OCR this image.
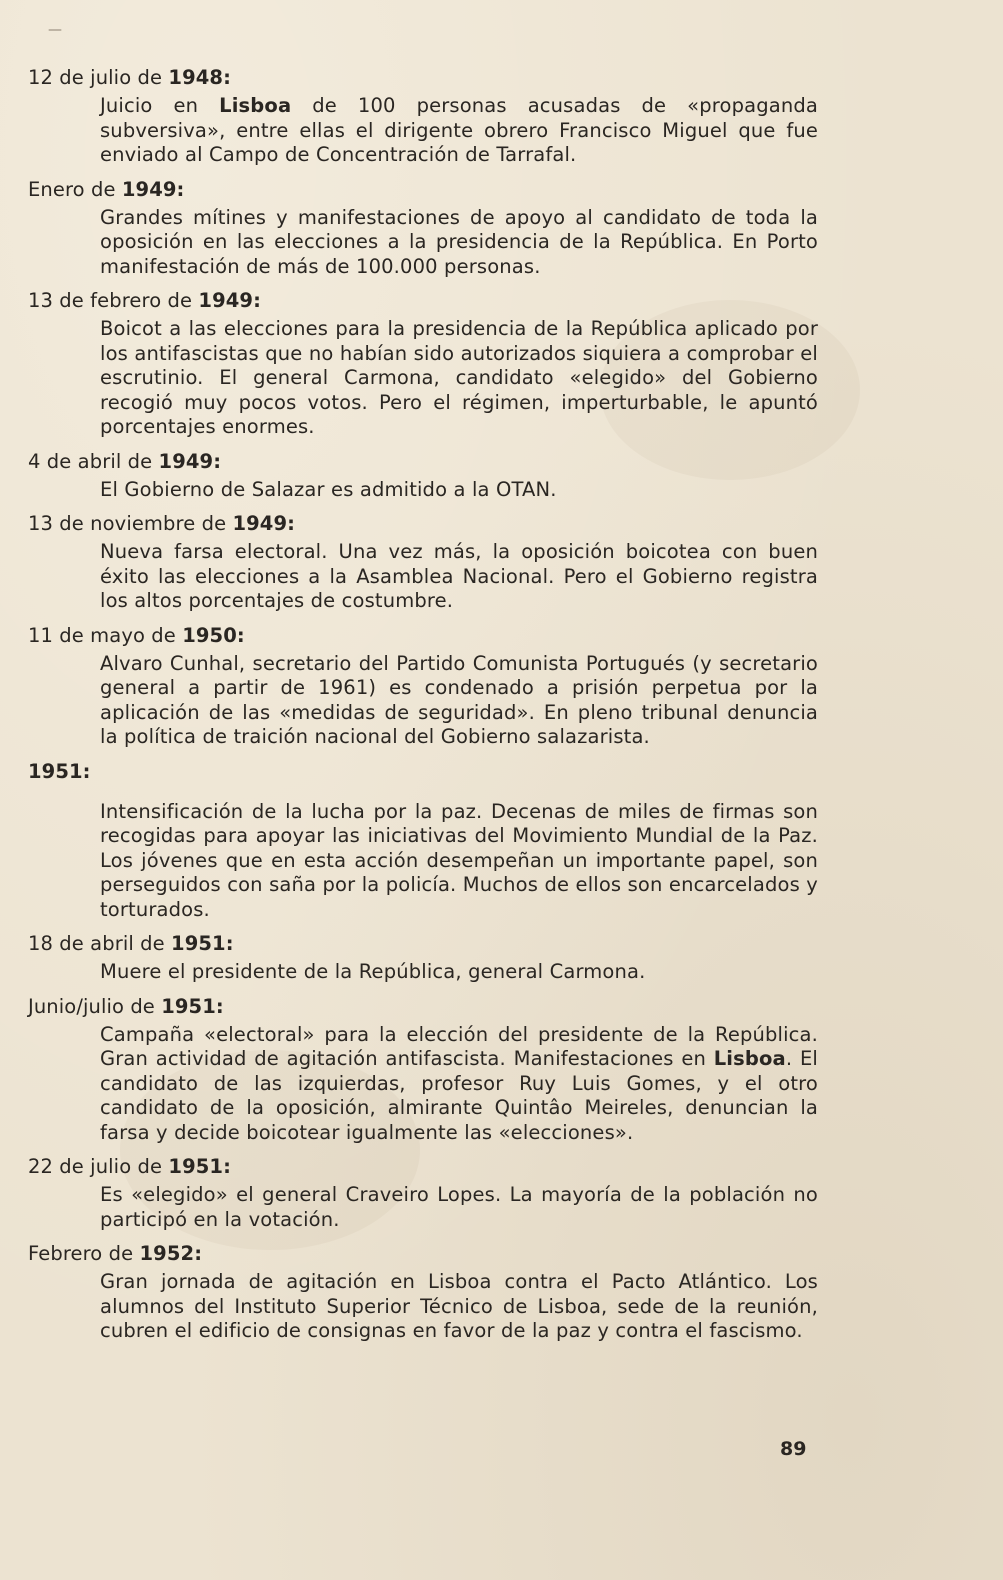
—
12 de julio de 1948:
Juicio en Lisboa de 100 personas acusadas de «propaganda subversiva», entre ellas el dirigente obrero Francisco Miguel que fue enviado al Campo de Concentración de Tarrafal.
Enero de 1949:
Grandes mítines y manifestaciones de apoyo al candidato de toda la oposición en las elecciones a la presidencia de la República. En Porto manifestación de más de 100.000 personas.
13 de febrero de 1949:
Boicot a las elecciones para la presidencia de la República aplicado por los antifascistas que no habían sido autorizados siquiera a comprobar el escrutinio. El general Carmona, candidato «elegido» del Gobierno recogió muy pocos votos. Pero el régimen, imperturbable, le apuntó porcentajes enormes.
4 de abril de 1949:
El Gobierno de Salazar es admitido a la OTAN.
13 de noviembre de 1949:
Nueva farsa electoral. Una vez más, la oposición boicotea con buen éxito las elecciones a la Asamblea Nacional. Pero el Gobierno registra los altos porcentajes de costumbre.
11 de mayo de 1950:
Alvaro Cunhal, secretario del Partido Comunista Portugués (y secretario general a partir de 1961) es condenado a prisión perpetua por la aplicación de las «medidas de seguridad». En pleno tribunal denuncia la política de traición nacional del Gobierno salazarista.
1951:
Intensificación de la lucha por la paz. Decenas de miles de firmas son recogidas para apoyar las iniciativas del Movimiento Mundial de la Paz. Los jóvenes que en esta acción desempeñan un importante papel, son perseguidos con saña por la policía. Muchos de ellos son encarcelados y torturados.
18 de abril de 1951:
Muere el presidente de la República, general Carmona.
Junio/julio de 1951:
Campaña «electoral» para la elección del presidente de la República. Gran actividad de agitación antifascista. Manifestaciones en Lisboa. El candidato de las izquierdas, profesor Ruy Luis Gomes, y el otro candidato de la oposición, almirante Quintâo Meireles, denuncian la farsa y decide boicotear igualmente las «elecciones».
22 de julio de 1951:
Es «elegido» el general Craveiro Lopes. La mayoría de la población no participó en la votación.
Febrero de 1952:
Gran jornada de agitación en Lisboa contra el Pacto Atlántico. Los alumnos del Instituto Superior Técnico de Lisboa, sede de la reunión, cubren el edificio de consignas en favor de la paz y contra el fascismo.
89
